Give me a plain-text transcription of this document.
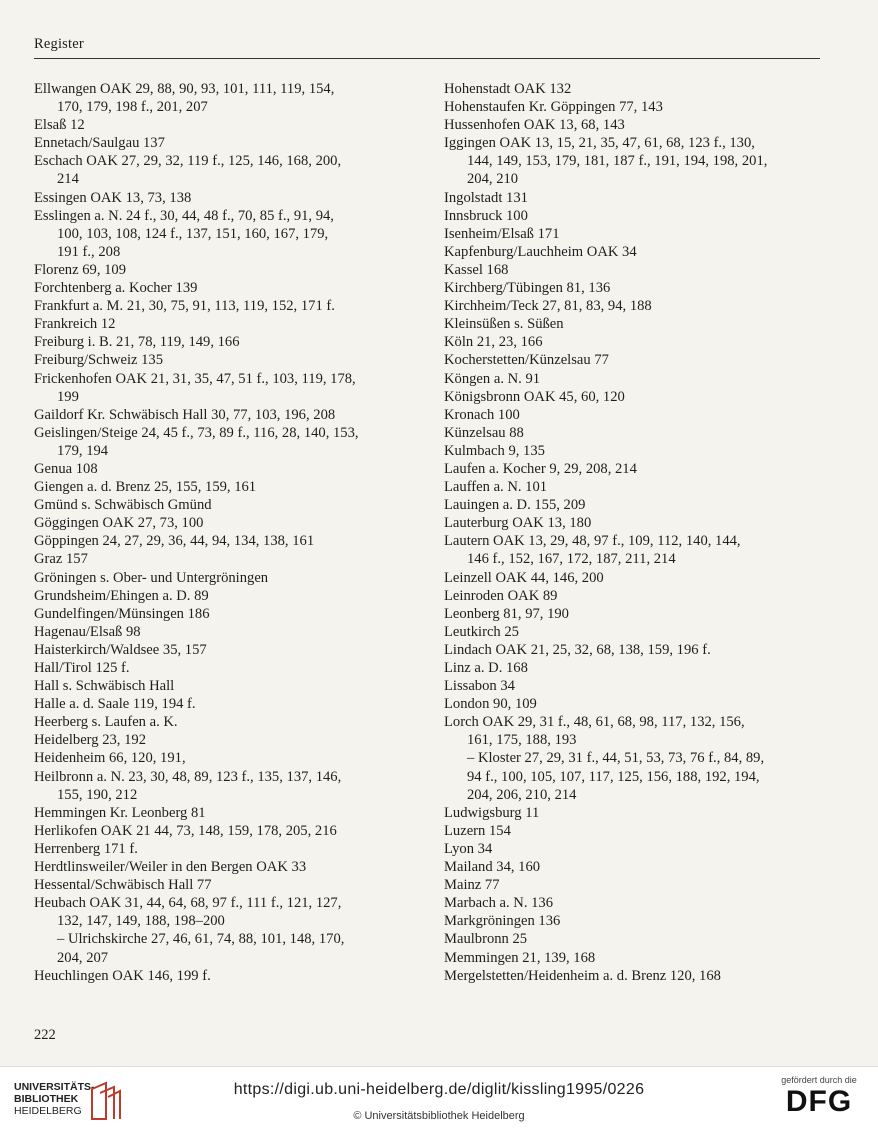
Register
Ellwangen OAK 29, 88, 90, 93, 101, 111, 119, 154,
170, 179, 198 f., 201, 207
Elsaß 12
Ennetach/Saulgau 137
Eschach OAK 27, 29, 32, 119 f., 125, 146, 168, 200,
214
Essingen OAK 13, 73, 138
Esslingen a. N. 24 f., 30, 44, 48 f., 70, 85 f., 91, 94,
100, 103, 108, 124 f., 137, 151, 160, 167, 179,
191 f., 208
Florenz 69, 109
Forchtenberg a. Kocher 139
Frankfurt a. M. 21, 30, 75, 91, 113, 119, 152, 171 f.
Frankreich 12
Freiburg i. B. 21, 78, 119, 149, 166
Freiburg/Schweiz 135
Frickenhofen OAK 21, 31, 35, 47, 51 f., 103, 119, 178,
199
Gaildorf Kr. Schwäbisch Hall 30, 77, 103, 196, 208
Geislingen/Steige 24, 45 f., 73, 89 f., 116, 28, 140, 153,
179, 194
Genua 108
Giengen a. d. Brenz 25, 155, 159, 161
Gmünd s. Schwäbisch Gmünd
Göggingen OAK 27, 73, 100
Göppingen 24, 27, 29, 36, 44, 94, 134, 138, 161
Graz 157
Gröningen s. Ober- und Untergröningen
Grundsheim/Ehingen a. D. 89
Gundelfingen/Münsingen 186
Hagenau/Elsaß 98
Haisterkirch/Waldsee 35, 157
Hall/Tirol 125 f.
Hall s. Schwäbisch Hall
Halle a. d. Saale 119, 194 f.
Heerberg s. Laufen a. K.
Heidelberg 23, 192
Heidenheim 66, 120, 191,
Heilbronn a. N. 23, 30, 48, 89, 123 f., 135, 137, 146,
155, 190, 212
Hemmingen Kr. Leonberg 81
Herlikofen OAK 21 44, 73, 148, 159, 178, 205, 216
Herrenberg 171 f.
Herdtlinsweiler/Weiler in den Bergen OAK 33
Hessental/Schwäbisch Hall 77
Heubach OAK 31, 44, 64, 68, 97 f., 111 f., 121, 127,
132, 147, 149, 188, 198–200
– Ulrichskirche 27, 46, 61, 74, 88, 101, 148, 170,
204, 207
Heuchlingen OAK 146, 199 f.
Hohenstadt OAK 132
Hohenstaufen Kr. Göppingen 77, 143
Hussenhofen OAK 13, 68, 143
Iggingen OAK 13, 15, 21, 35, 47, 61, 68, 123 f., 130,
144, 149, 153, 179, 181, 187 f., 191, 194, 198, 201,
204, 210
Ingolstadt 131
Innsbruck 100
Isenheim/Elsaß 171
Kapfenburg/Lauchheim OAK 34
Kassel 168
Kirchberg/Tübingen 81, 136
Kirchheim/Teck 27, 81, 83, 94, 188
Kleinsüßen s. Süßen
Köln 21, 23, 166
Kocherstetten/Künzelsau 77
Köngen a. N. 91
Königsbronn OAK 45, 60, 120
Kronach 100
Künzelsau 88
Kulmbach 9, 135
Laufen a. Kocher 9, 29, 208, 214
Lauffen a. N. 101
Lauingen a. D. 155, 209
Lauterburg OAK 13, 180
Lautern OAK 13, 29, 48, 97 f., 109, 112, 140, 144,
146 f., 152, 167, 172, 187, 211, 214
Leinzell OAK 44, 146, 200
Leinroden OAK 89
Leonberg 81, 97, 190
Leutkirch 25
Lindach OAK 21, 25, 32, 68, 138, 159, 196 f.
Linz a. D. 168
Lissabon 34
London 90, 109
Lorch OAK 29, 31 f., 48, 61, 68, 98, 117, 132, 156,
161, 175, 188, 193
– Kloster 27, 29, 31 f., 44, 51, 53, 73, 76 f., 84, 89,
94 f., 100, 105, 107, 117, 125, 156, 188, 192, 194,
204, 206, 210, 214
Ludwigsburg 11
Luzern 154
Lyon 34
Mailand 34, 160
Mainz 77
Marbach a. N. 136
Markgröningen 136
Maulbronn 25
Memmingen 21, 139, 168
Mergelstetten/Heidenheim a. d. Brenz 120, 168
222
UNIVERSITÄTS-
BIBLIOTHEK
HEIDELBERG
https://digi.ub.uni-heidelberg.de/diglit/kissling1995/0226
© Universitätsbibliothek Heidelberg
gefördert durch die
DFG
